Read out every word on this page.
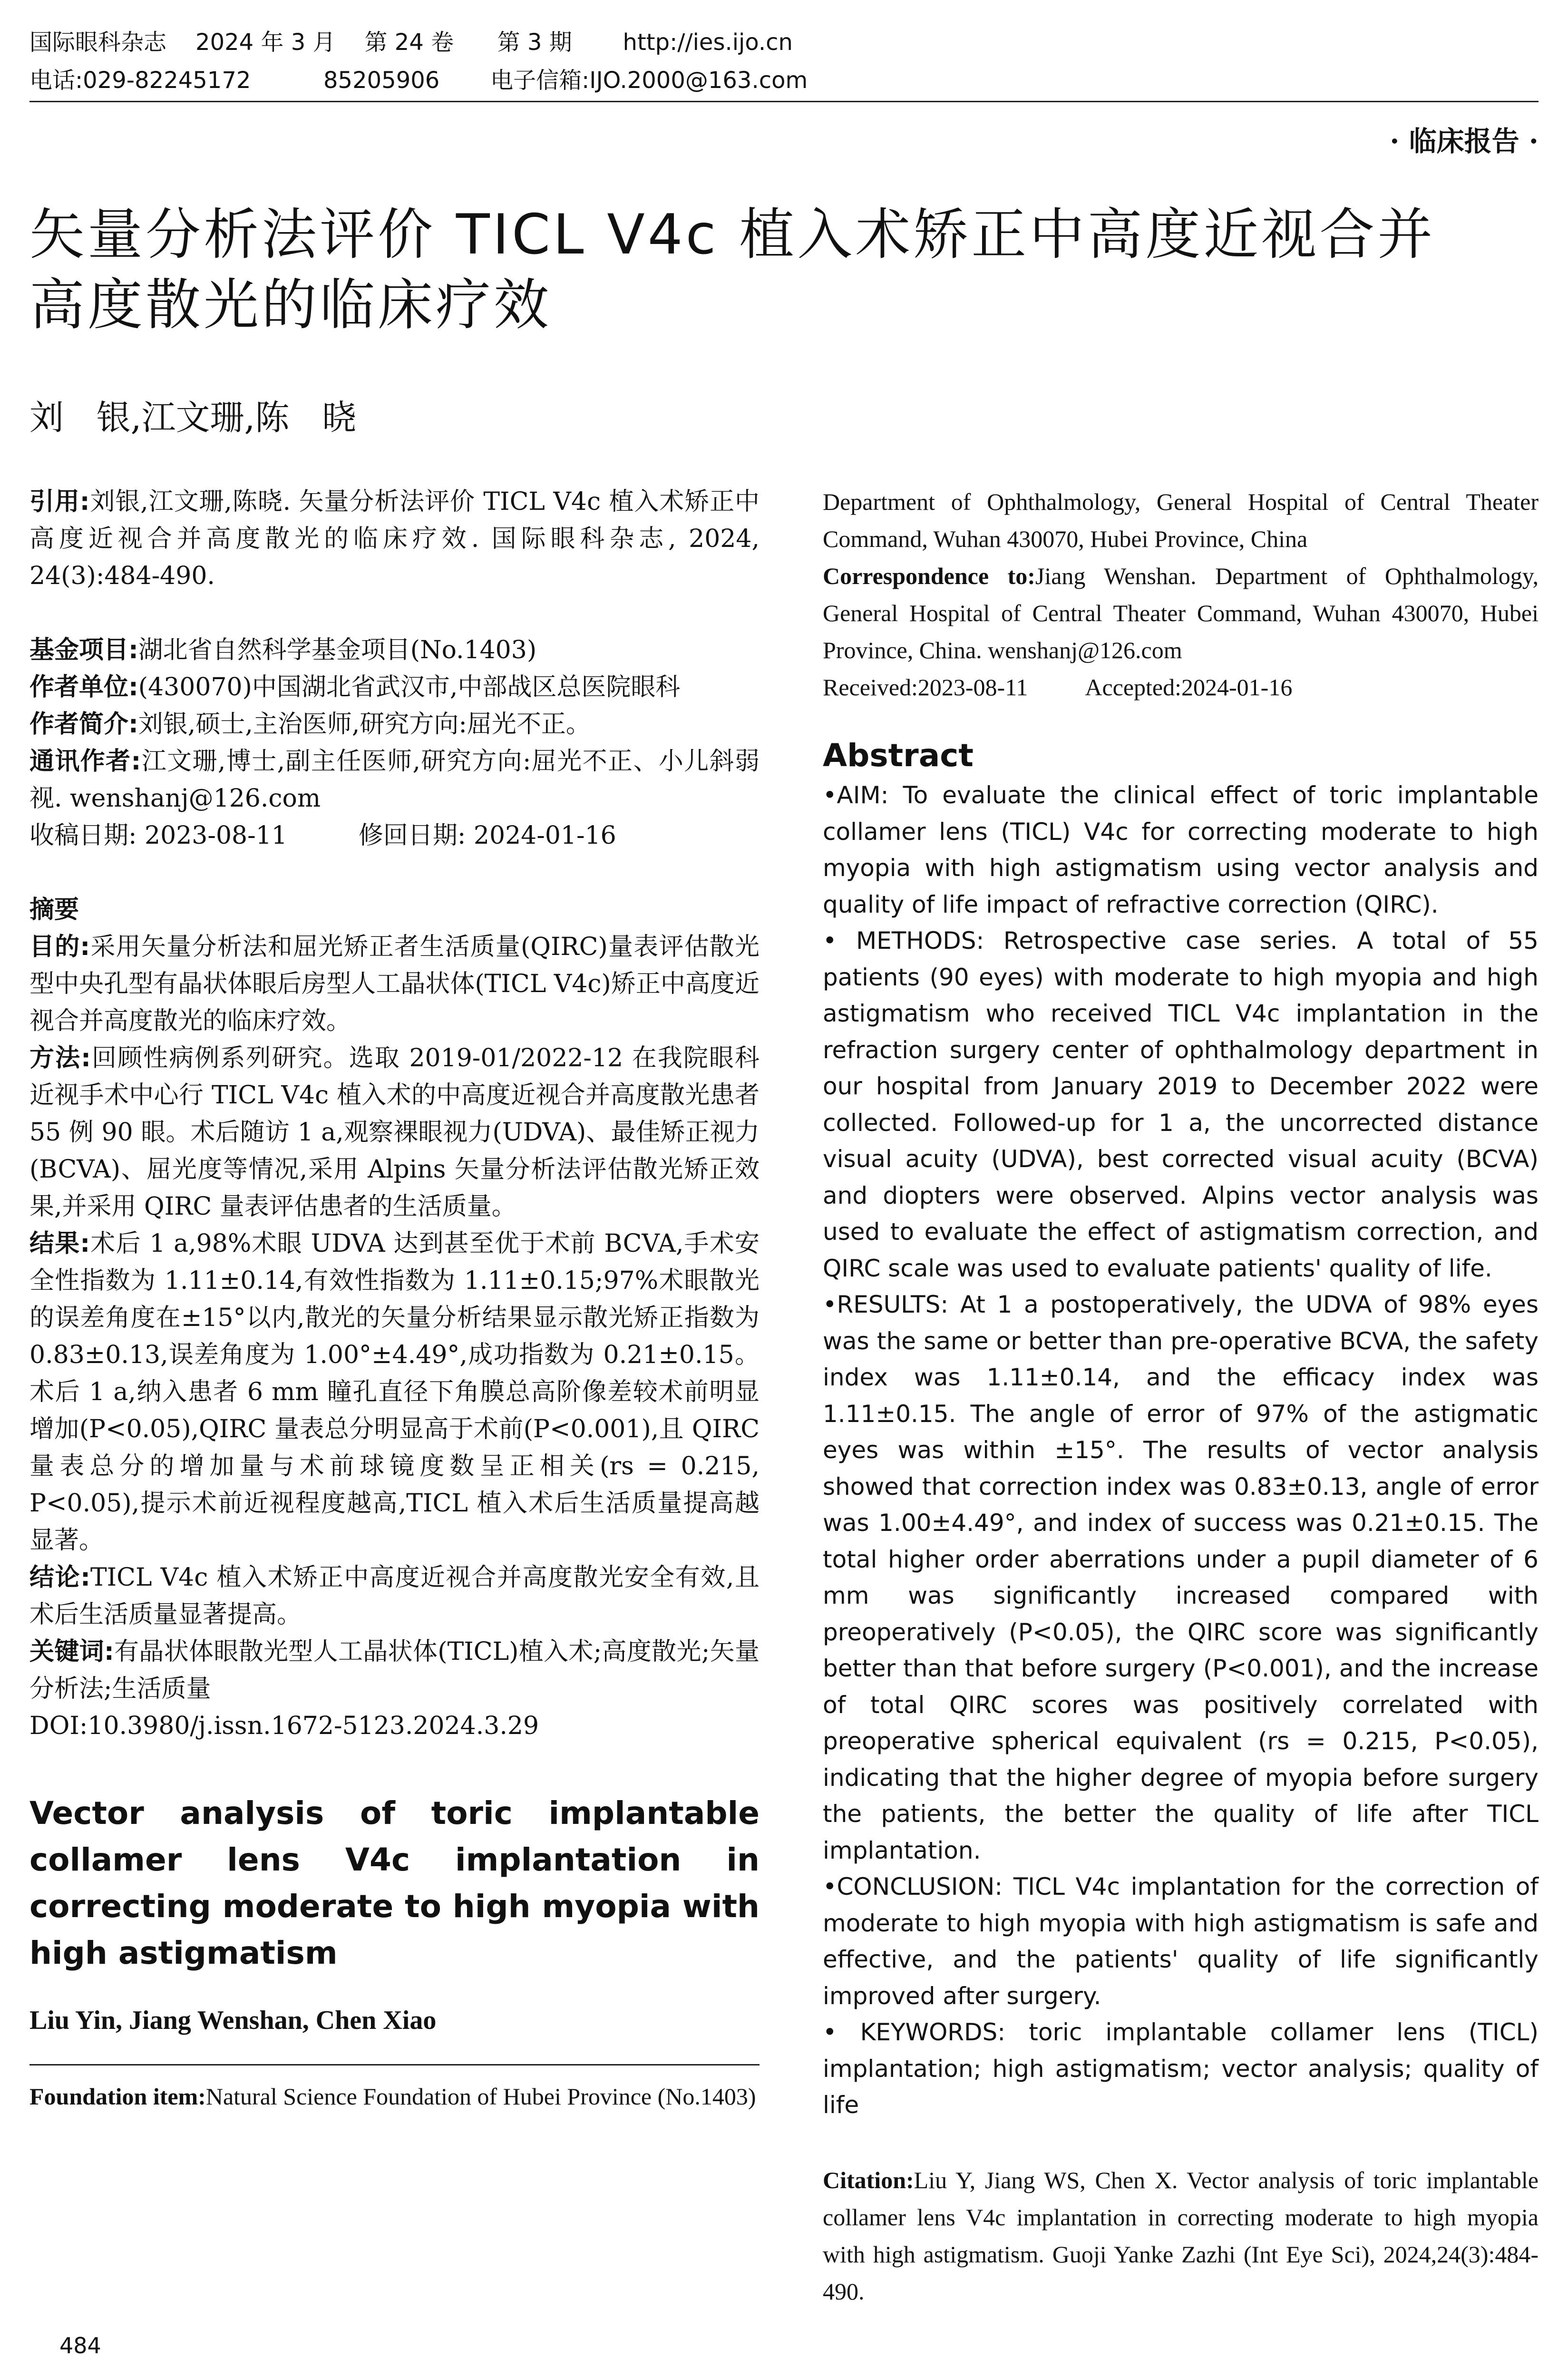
国际眼科杂志    2024 年 3 月    第 24 卷      第 3 期       http://ies.ijo.cn
电话:029-82245172          85205906       电子信箱:IJO.2000@163.com
· 临床报告 ·
矢量分析法评价 TICL V4c 植入术矫正中高度近视合并
高度散光的临床疗效
刘   银,江文珊,陈   晓

引用:刘银,江文珊,陈晓. 矢量分析法评价 TICL V4c 植入术矫正中高度近视合并高度散光的临床疗效. 国际眼科杂志, 2024, 24(3):484-490.

基金项目:湖北省自然科学基金项目(No.1403)

作者单位:(430070)中国湖北省武汉市,中部战区总医院眼科

作者简介:刘银,硕士,主治医师,研究方向:屈光不正。

通讯作者:江文珊,博士,副主任医师,研究方向:屈光不正、小儿斜弱视. wenshanj@126.com

收稿日期: 2023-08-11	修回日期: 2024-01-16

摘要

目的:采用矢量分析法和屈光矫正者生活质量(QIRC)量表评估散光型中央孔型有晶状体眼后房型人工晶状体(TICL V4c)矫正中高度近视合并高度散光的临床疗效。

方法:回顾性病例系列研究。选取 2019-01/2022-12 在我院眼科近视手术中心行 TICL V4c 植入术的中高度近视合并高度散光患者 55 例 90 眼。术后随访 1 a,观察裸眼视力(UDVA)、最佳矫正视力(BCVA)、屈光度等情况,采用 Alpins 矢量分析法评估散光矫正效果,并采用 QIRC 量表评估患者的生活质量。

结果:术后 1 a,98%术眼 UDVA 达到甚至优于术前 BCVA,手术安全性指数为 1.11±0.14,有效性指数为 1.11±0.15;97%术眼散光的误差角度在±15°以内,散光的矢量分析结果显示散光矫正指数为 0.83±0.13,误差角度为 1.00°±4.49°,成功指数为 0.21±0.15。术后 1 a,纳入患者 6 mm 瞳孔直径下角膜总高阶像差较术前明显增加(P<0.05),QIRC 量表总分明显高于术前(P<0.001),且 QIRC 量表总分的增加量与术前球镜度数呈正相关(rs = 0.215, P<0.05),提示术前近视程度越高,TICL 植入术后生活质量提高越显著。

结论:TICL V4c 植入术矫正中高度近视合并高度散光安全有效,且术后生活质量显著提高。

关键词:有晶状体眼散光型人工晶状体(TICL)植入术;高度散光;矢量分析法;生活质量

DOI:10.3980/j.issn.1672-5123.2024.3.29

Vector analysis of toric implantable collamer lens V4c implantation in correcting moderate to high myopia with high astigmatism

Liu Yin, Jiang Wenshan, Chen Xiao

Foundation item:Natural Science Foundation of Hubei Province (No.1403)

Department of Ophthalmology, General Hospital of Central Theater Command, Wuhan 430070, Hubei Province, China

Correspondence to:Jiang Wenshan. Department of Ophthalmology, General Hospital of Central Theater Command, Wuhan 430070, Hubei Province, China. wenshanj@126.com

Received:2023-08-11 Accepted:2024-01-16

Abstract

•AIM: To evaluate the clinical effect of toric implantable collamer lens (TICL) V4c for correcting moderate to high myopia with high astigmatism using vector analysis and quality of life impact of refractive correction (QIRC).

• METHODS: Retrospective case series. A total of 55 patients (90 eyes) with moderate to high myopia and high astigmatism who received TICL V4c implantation in the refraction surgery center of ophthalmology department in our hospital from January 2019 to December 2022 were collected. Followed-up for 1 a, the uncorrected distance visual acuity (UDVA), best corrected visual acuity (BCVA) and diopters were observed. Alpins vector analysis was used to evaluate the effect of astigmatism correction, and QIRC scale was used to evaluate patients' quality of life.

•RESULTS: At 1 a postoperatively, the UDVA of 98% eyes was the same or better than pre-operative BCVA, the safety index was 1.11±0.14, and the efficacy index was 1.11±0.15. The angle of error of 97% of the astigmatic eyes was within ±15°. The results of vector analysis showed that correction index was 0.83±0.13, angle of error was 1.00±4.49°, and index of success was 0.21±0.15. The total higher order aberrations under a pupil diameter of 6 mm was significantly increased compared with preoperatively (P<0.05), the QIRC score was significantly better than that before surgery (P<0.001), and the increase of total QIRC scores was positively correlated with preoperative spherical equivalent (rs = 0.215, P<0.05), indicating that the higher degree of myopia before surgery the patients, the better the quality of life after TICL implantation.

•CONCLUSION: TICL V4c implantation for the correction of moderate to high myopia with high astigmatism is safe and effective, and the patients' quality of life significantly improved after surgery.

• KEYWORDS: toric implantable collamer lens (TICL) implantation; high astigmatism; vector analysis; quality of life

Citation:Liu Y, Jiang WS, Chen X. Vector analysis of toric implantable collamer lens V4c implantation in correcting moderate to high myopia with high astigmatism. Guoji Yanke Zazhi (Int Eye Sci), 2024,24(3):484-490.

484
